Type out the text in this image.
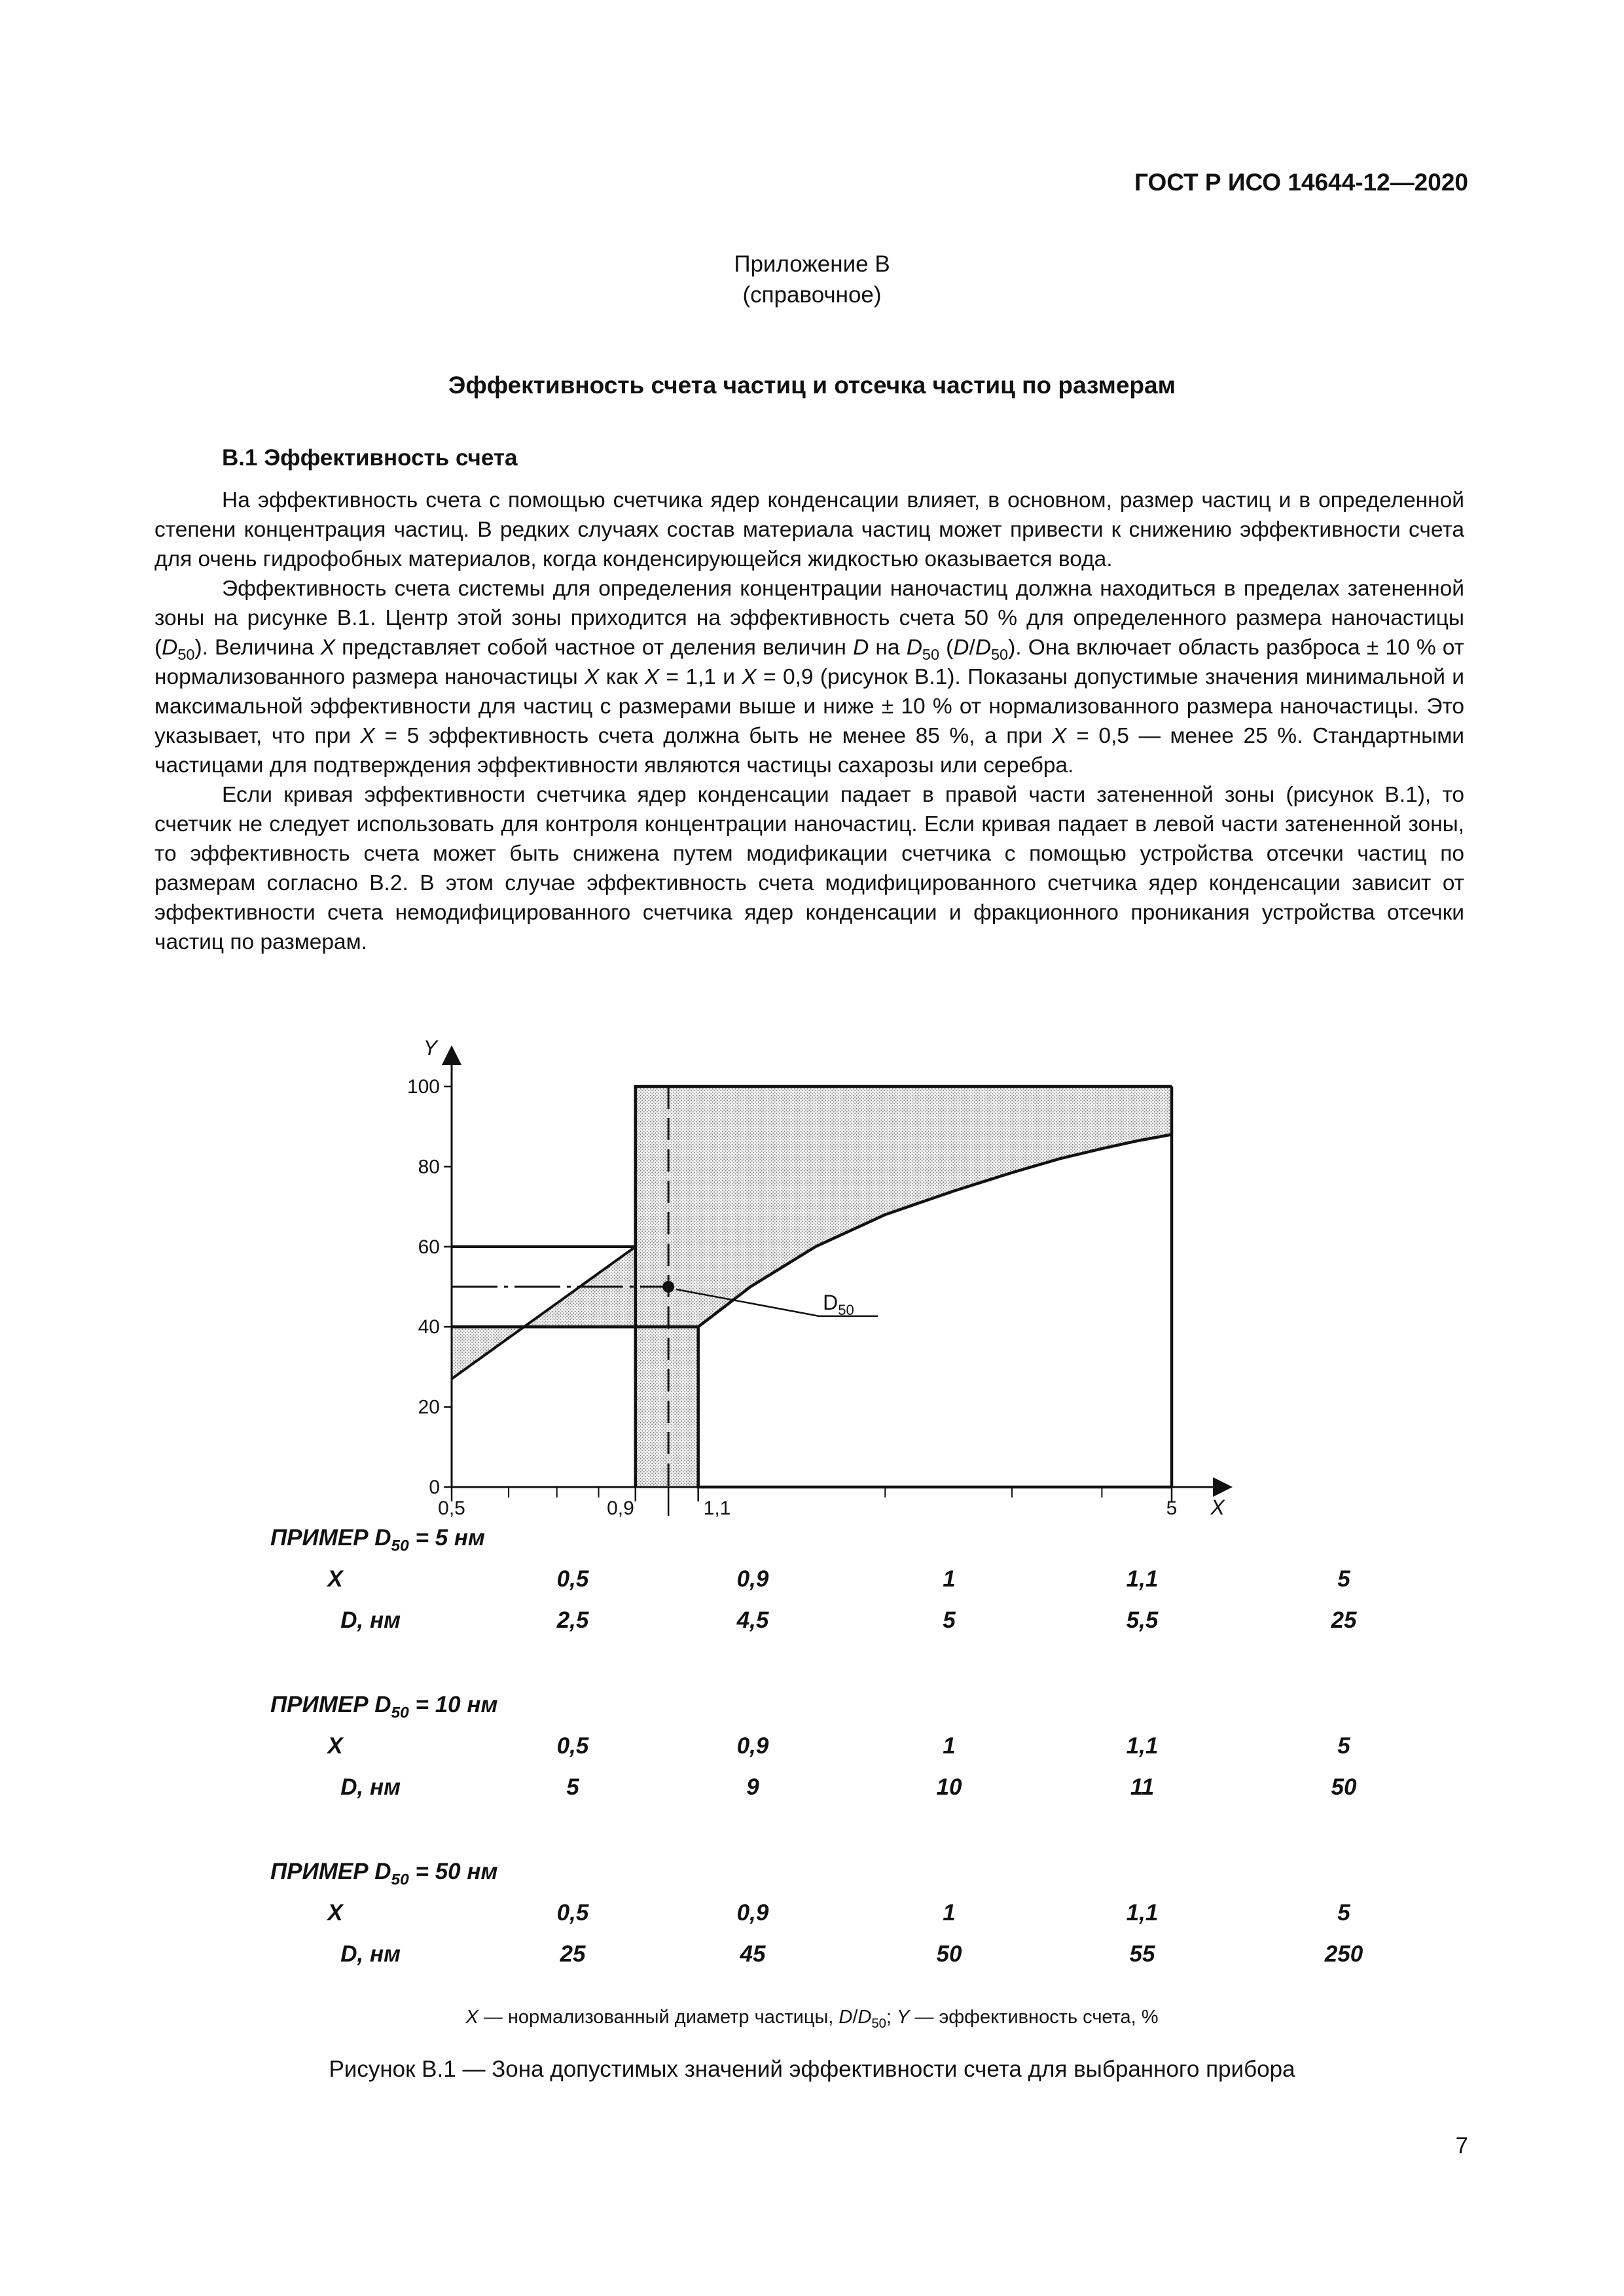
ГОСТ Р ИСО 14644-12—2020
Приложение В
(справочное)
Эффективность счета частиц и отсечка частиц по размерам
В.1 Эффективность счета

На эффективность счета с помощью счетчика ядер конденсации влияет, в основном, размер частиц и в определенной степени концентрация частиц. В редких случаях состав материала частиц может привести к снижению эффективности счета для очень гидрофобных материалов, когда конденсирующейся жидкостью оказывается вода.

Эффективность счета системы для определения концентрации наночастиц должна находиться в пределах затененной зоны на рисунке В.1. Центр этой зоны приходится на эффективность счета 50 % для определенного размера наночастицы $(D_{50})$. Величина X представляет собой частное от деления величин D на $D_{50}$ $(D/D_{50})$. Она включает область разброса ± 10 % от нормализованного размера наночастицы X как X = 1,1 и X = 0,9 (рисунок В.1). Показаны допустимые значения минимальной и максимальной эффективности для частиц с размерами выше и ниже ± 10 % от нормализованного размера наночастицы. Это указывает, что при X = 5 эффективность счета должна быть не менее 85 %, а при X = 0,5 — менее 25 %. Стандартными частицами для подтверждения эффективности являются частицы сахарозы или серебра.

Если кривая эффективности счетчика ядер конденсации падает в правой части затененной зоны (рисунок В.1), то счетчик не следует использовать для контроля концентрации наночастиц. Если кривая падает в левой части затененной зоны, то эффективность счета может быть снижена путем модификации счетчика с помощью устройства отсечки частиц по размерам согласно В.2. В этом случае эффективность счета модифицированного счетчика ядер конденсации зависит от эффективности счета немодифицированного счетчика ядер конденсации и фракционного проникания устройства отсечки частиц по размерам.

0
20
40
60
80
100
Y
0,5	0,9	1,1	5 X
$D_{50}$
ПРИМЕР $D_{50} = 5$ нм
X	0,5	0,9	1	1,1	5
D, нм	2,5	4,5	5	5,5	25
ПРИМЕР $D_{50} = 10$ нм
X	0,5	0,9	1	1,1	5
D, нм	5	9	10	11	50
ПРИМЕР $D_{50} = 50$ нм
X	0,5	0,9	1	1,1	5
D, нм	25	45	50	55	250
X — нормализованный диаметр частицы, $D/D_{50}$; Y — эффективность счета, %
Рисунок В.1 — Зона допустимых значений эффективности счета для выбранного прибора
7
